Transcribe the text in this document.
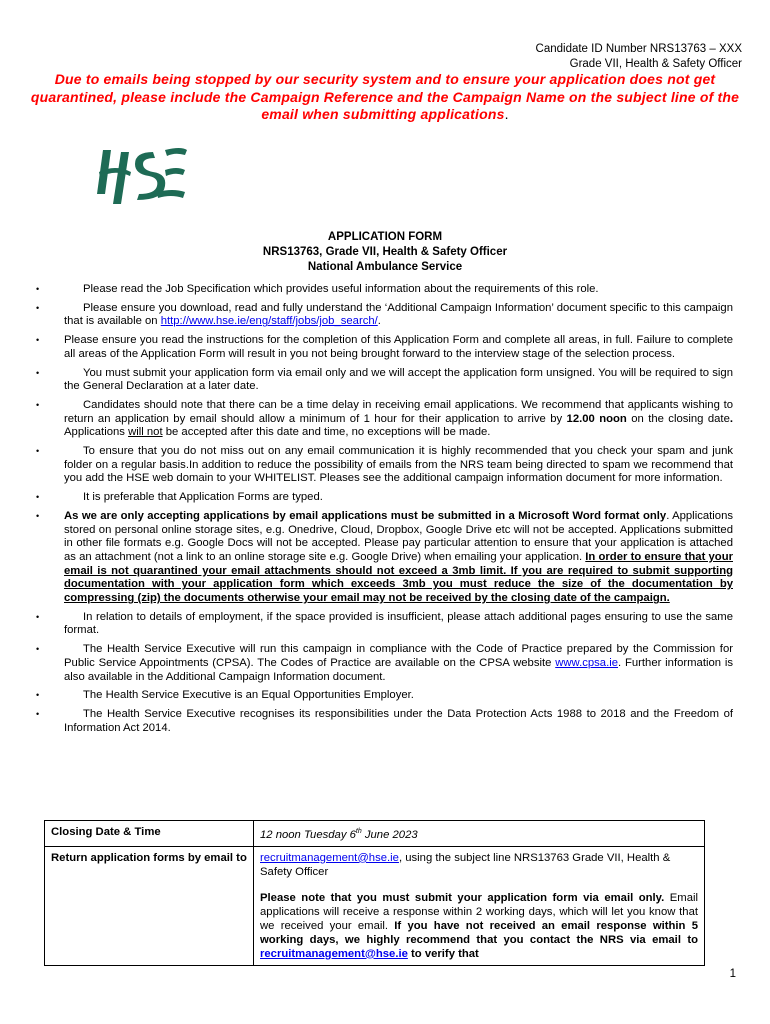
Candidate ID Number NRS13763 – XXX
Grade VII, Health & Safety Officer
Due to emails being stopped by our security system and to ensure your application does not get quarantined, please include the Campaign Reference and the Campaign Name on the subject line of the email when submitting applications.
APPLICATION FORM
NRS13763, Grade VII, Health & Safety Officer
National Ambulance Service
•	Please read the Job Specification which provides useful information about the requirements of this role.
•	Please ensure you download, read and fully understand the ‘Additional Campaign Information’ document specific to this campaign that is available on http://www.hse.ie/eng/staff/jobs/job_search/.
• Please ensure you read the instructions for the completion of this Application Form and complete all areas, in full. Failure to complete all areas of the Application Form will result in you not being brought forward to the interview stage of the selection process.
•	You must submit your application form via email only and we will accept the application form unsigned. You will be required to sign the General Declaration at a later date.
•	Candidates should note that there can be a time delay in receiving email applications. We recommend that applicants wishing to return an application by email should allow a minimum of 1 hour for their application to arrive by 12.00 noon on the closing date. Applications will not be accepted after this date and time, no exceptions will be made.
•	To ensure that you do not miss out on any email communication it is highly recommended that you check your spam and junk folder on a regular basis.In addition to reduce the possibility of emails from the NRS team being directed to spam we recommend that you add the HSE web domain to your WHITELIST. Pleases see the additional campaign information document for more information.
•	It is preferable that Application Forms are typed.
• As we are only accepting applications by email applications must be submitted in a Microsoft Word format only. Applications stored on personal online storage sites, e.g. Onedrive, Cloud, Dropbox, Google Drive etc will not be accepted. Applications submitted in other file formats e.g. Google Docs will not be accepted. Please pay particular attention to ensure that your application is attached as an attachment (not a link to an online storage site e.g. Google Drive) when emailing your application. In order to ensure that your email is not quarantined your email attachments should not exceed a 3mb limit. If you are required to submit supporting documentation with your application form which exceeds 3mb you must reduce the size of the documentation by compressing (zip) the documents otherwise your email may not be received by the closing date of the campaign.
•	In relation to details of employment, if the space provided is insufficient, please attach additional pages ensuring to use the same format.
•	The Health Service Executive will run this campaign in compliance with the Code of Practice prepared by the Commission for Public Service Appointments (CPSA). The Codes of Practice are available on the CPSA website www.cpsa.ie. Further information is also available in the Additional Campaign Information document.
•	The Health Service Executive is an Equal Opportunities Employer.
•	The Health Service Executive recognises its responsibilities under the Data Protection Acts 1988 to 2018 and the Freedom of Information Act 2014.
Closing Date & Time	12 noon Tuesday 6th June 2023
Return application forms by email to	recruitmanagement@hse.ie, using the subject line NRS13763 Grade VII, Health & Safety Officer
Please note that you must submit your application form via email only. Email applications will receive a response within 2 working days, which will let you know that we received your email. If you have not received an email response within 5 working days, we highly recommend that you contact the NRS via email to recruitmanagement@hse.ie to verify that
1
